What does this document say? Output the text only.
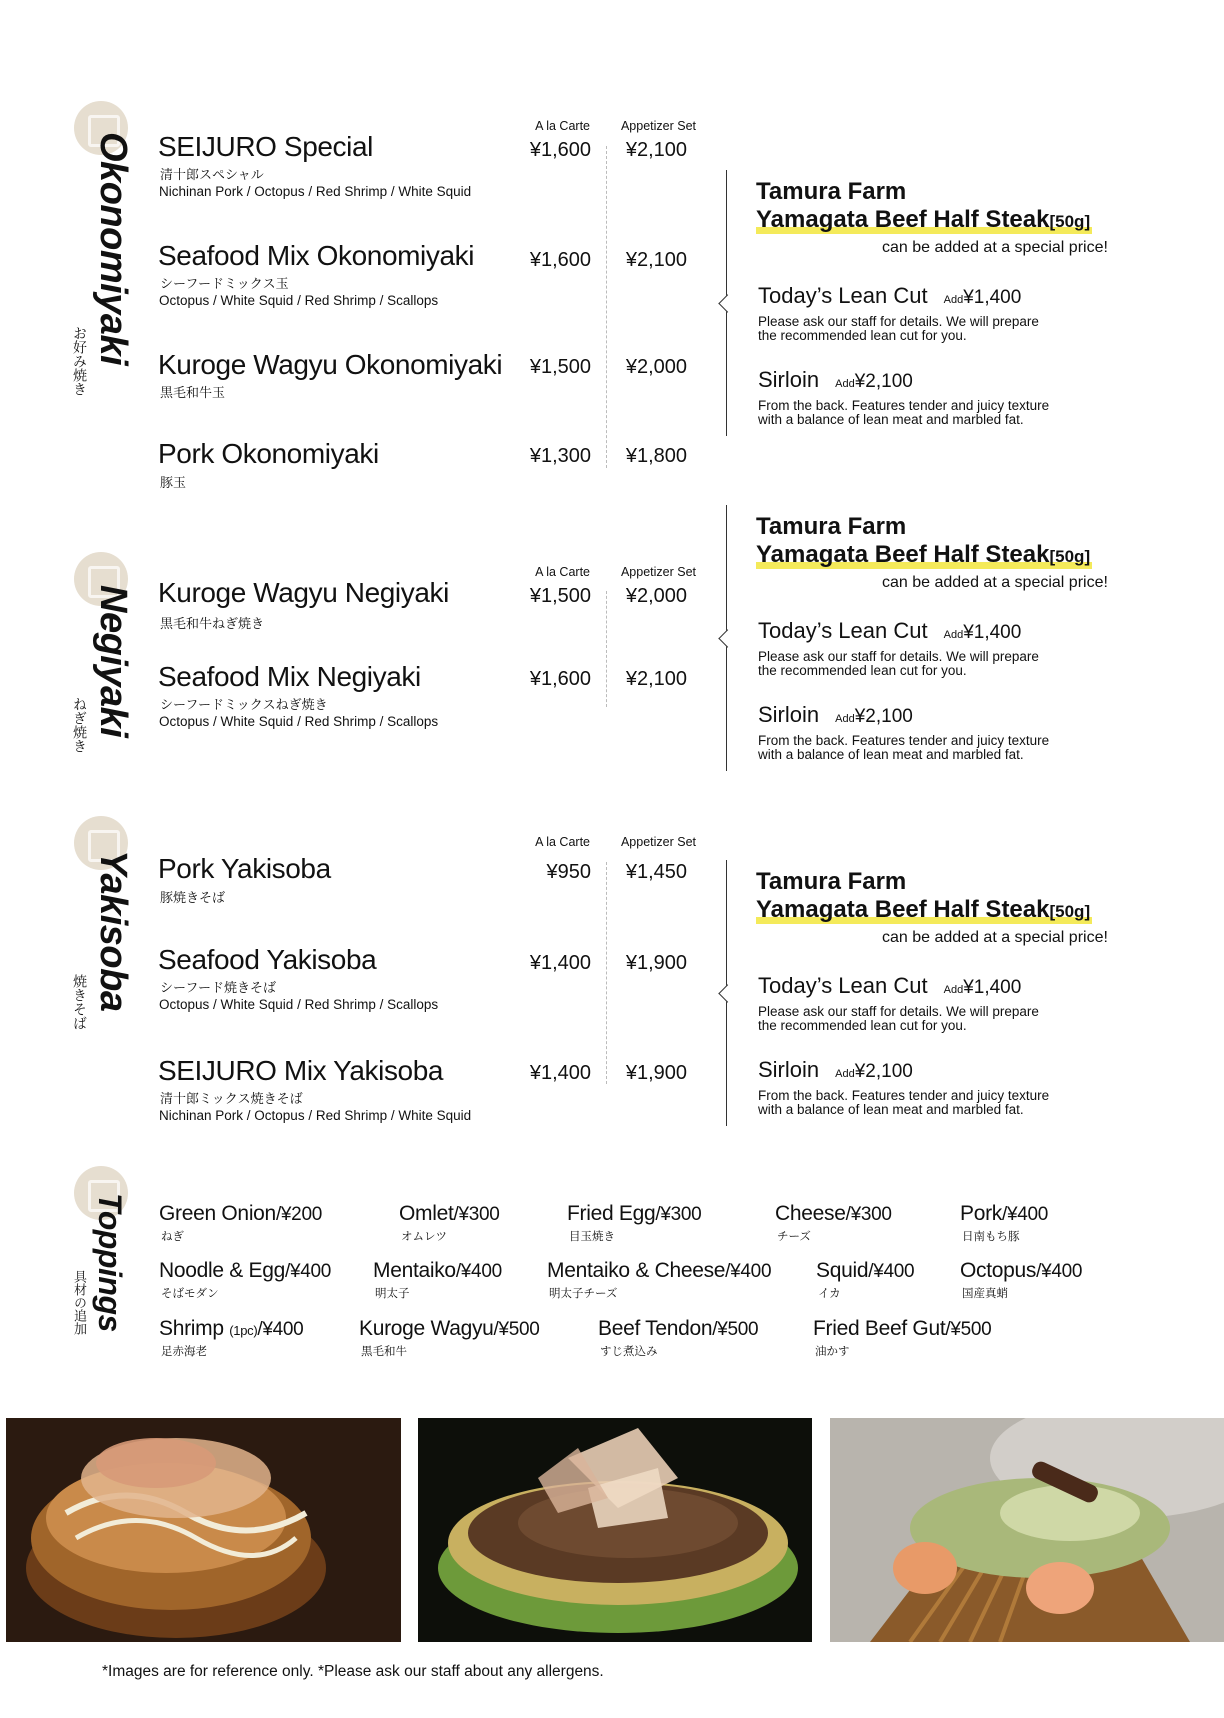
Okonomiyaki
お好み焼き
A la Carte	Appetizer Set
SEIJURO Special
清十郎スペシャル
Nichinan Pork / Octopus / Red Shrimp / White Squid
¥1,600	¥2,100
Seafood Mix Okonomiyaki
シーフードミックス玉
Octopus / White Squid / Red Shrimp / Scallops
¥1,600	¥2,100
Kuroge Wagyu Okonomiyaki
黒毛和牛玉
¥1,500	¥2,000
Pork Okonomiyaki
豚玉
¥1,300	¥1,800
Tamura Farm
Yamagata Beef Half Steak[50g]
can be added at a special price!
Today’s Lean Cut Add¥1,400
Please ask our staff for details. We will prepare
the recommended lean cut for you.
Sirloin Add¥2,100
From the back. Features tender and juicy texture
with a balance of lean meat and marbled fat.
Negiyaki
ねぎ焼き
A la Carte	Appetizer Set
Kuroge Wagyu Negiyaki
黒毛和牛ねぎ焼き
¥1,500	¥2,000
Seafood Mix Negiyaki
シーフードミックスねぎ焼き
Octopus / White Squid / Red Shrimp / Scallops
¥1,600	¥2,100
Tamura Farm
Yamagata Beef Half Steak[50g]
can be added at a special price!
Today’s Lean Cut Add¥1,400
Please ask our staff for details. We will prepare
the recommended lean cut for you.
Sirloin Add¥2,100
From the back. Features tender and juicy texture
with a balance of lean meat and marbled fat.
Yakisoba
焼きそば
A la Carte	Appetizer Set
Pork Yakisoba
豚焼きそば
¥950	¥1,450
Seafood Yakisoba
シーフード焼きそば
Octopus / White Squid / Red Shrimp / Scallops
¥1,400	¥1,900
SEIJURO Mix Yakisoba
清十郎ミックス焼きそば
Nichinan Pork / Octopus / Red Shrimp / White Squid
¥1,400	¥1,900
Tamura Farm
Yamagata Beef Half Steak[50g]
can be added at a special price!
Today’s Lean Cut Add¥1,400
Please ask our staff for details. We will prepare
the recommended lean cut for you.
Sirloin Add¥2,100
From the back. Features tender and juicy texture
with a balance of lean meat and marbled fat.
Toppings
具材の追加
Green Onion/¥200
ねぎ
Omlet/¥300
オムレツ
Fried Egg/¥300
目玉焼き
Cheese/¥300
チーズ
Pork/¥400
日南もち豚
Noodle & Egg/¥400
そばモダン
Mentaiko/¥400
明太子
Mentaiko & Cheese/¥400
明太子チーズ
Squid/¥400
イカ
Octopus/¥400
国産真蛸
Shrimp (1pc)/¥400
足赤海老
Kuroge Wagyu/¥500
黒毛和牛
Beef Tendon/¥500
すじ煮込み
Fried Beef Gut/¥500
油かす
*Images are for reference only. *Please ask our staff about any allergens.
